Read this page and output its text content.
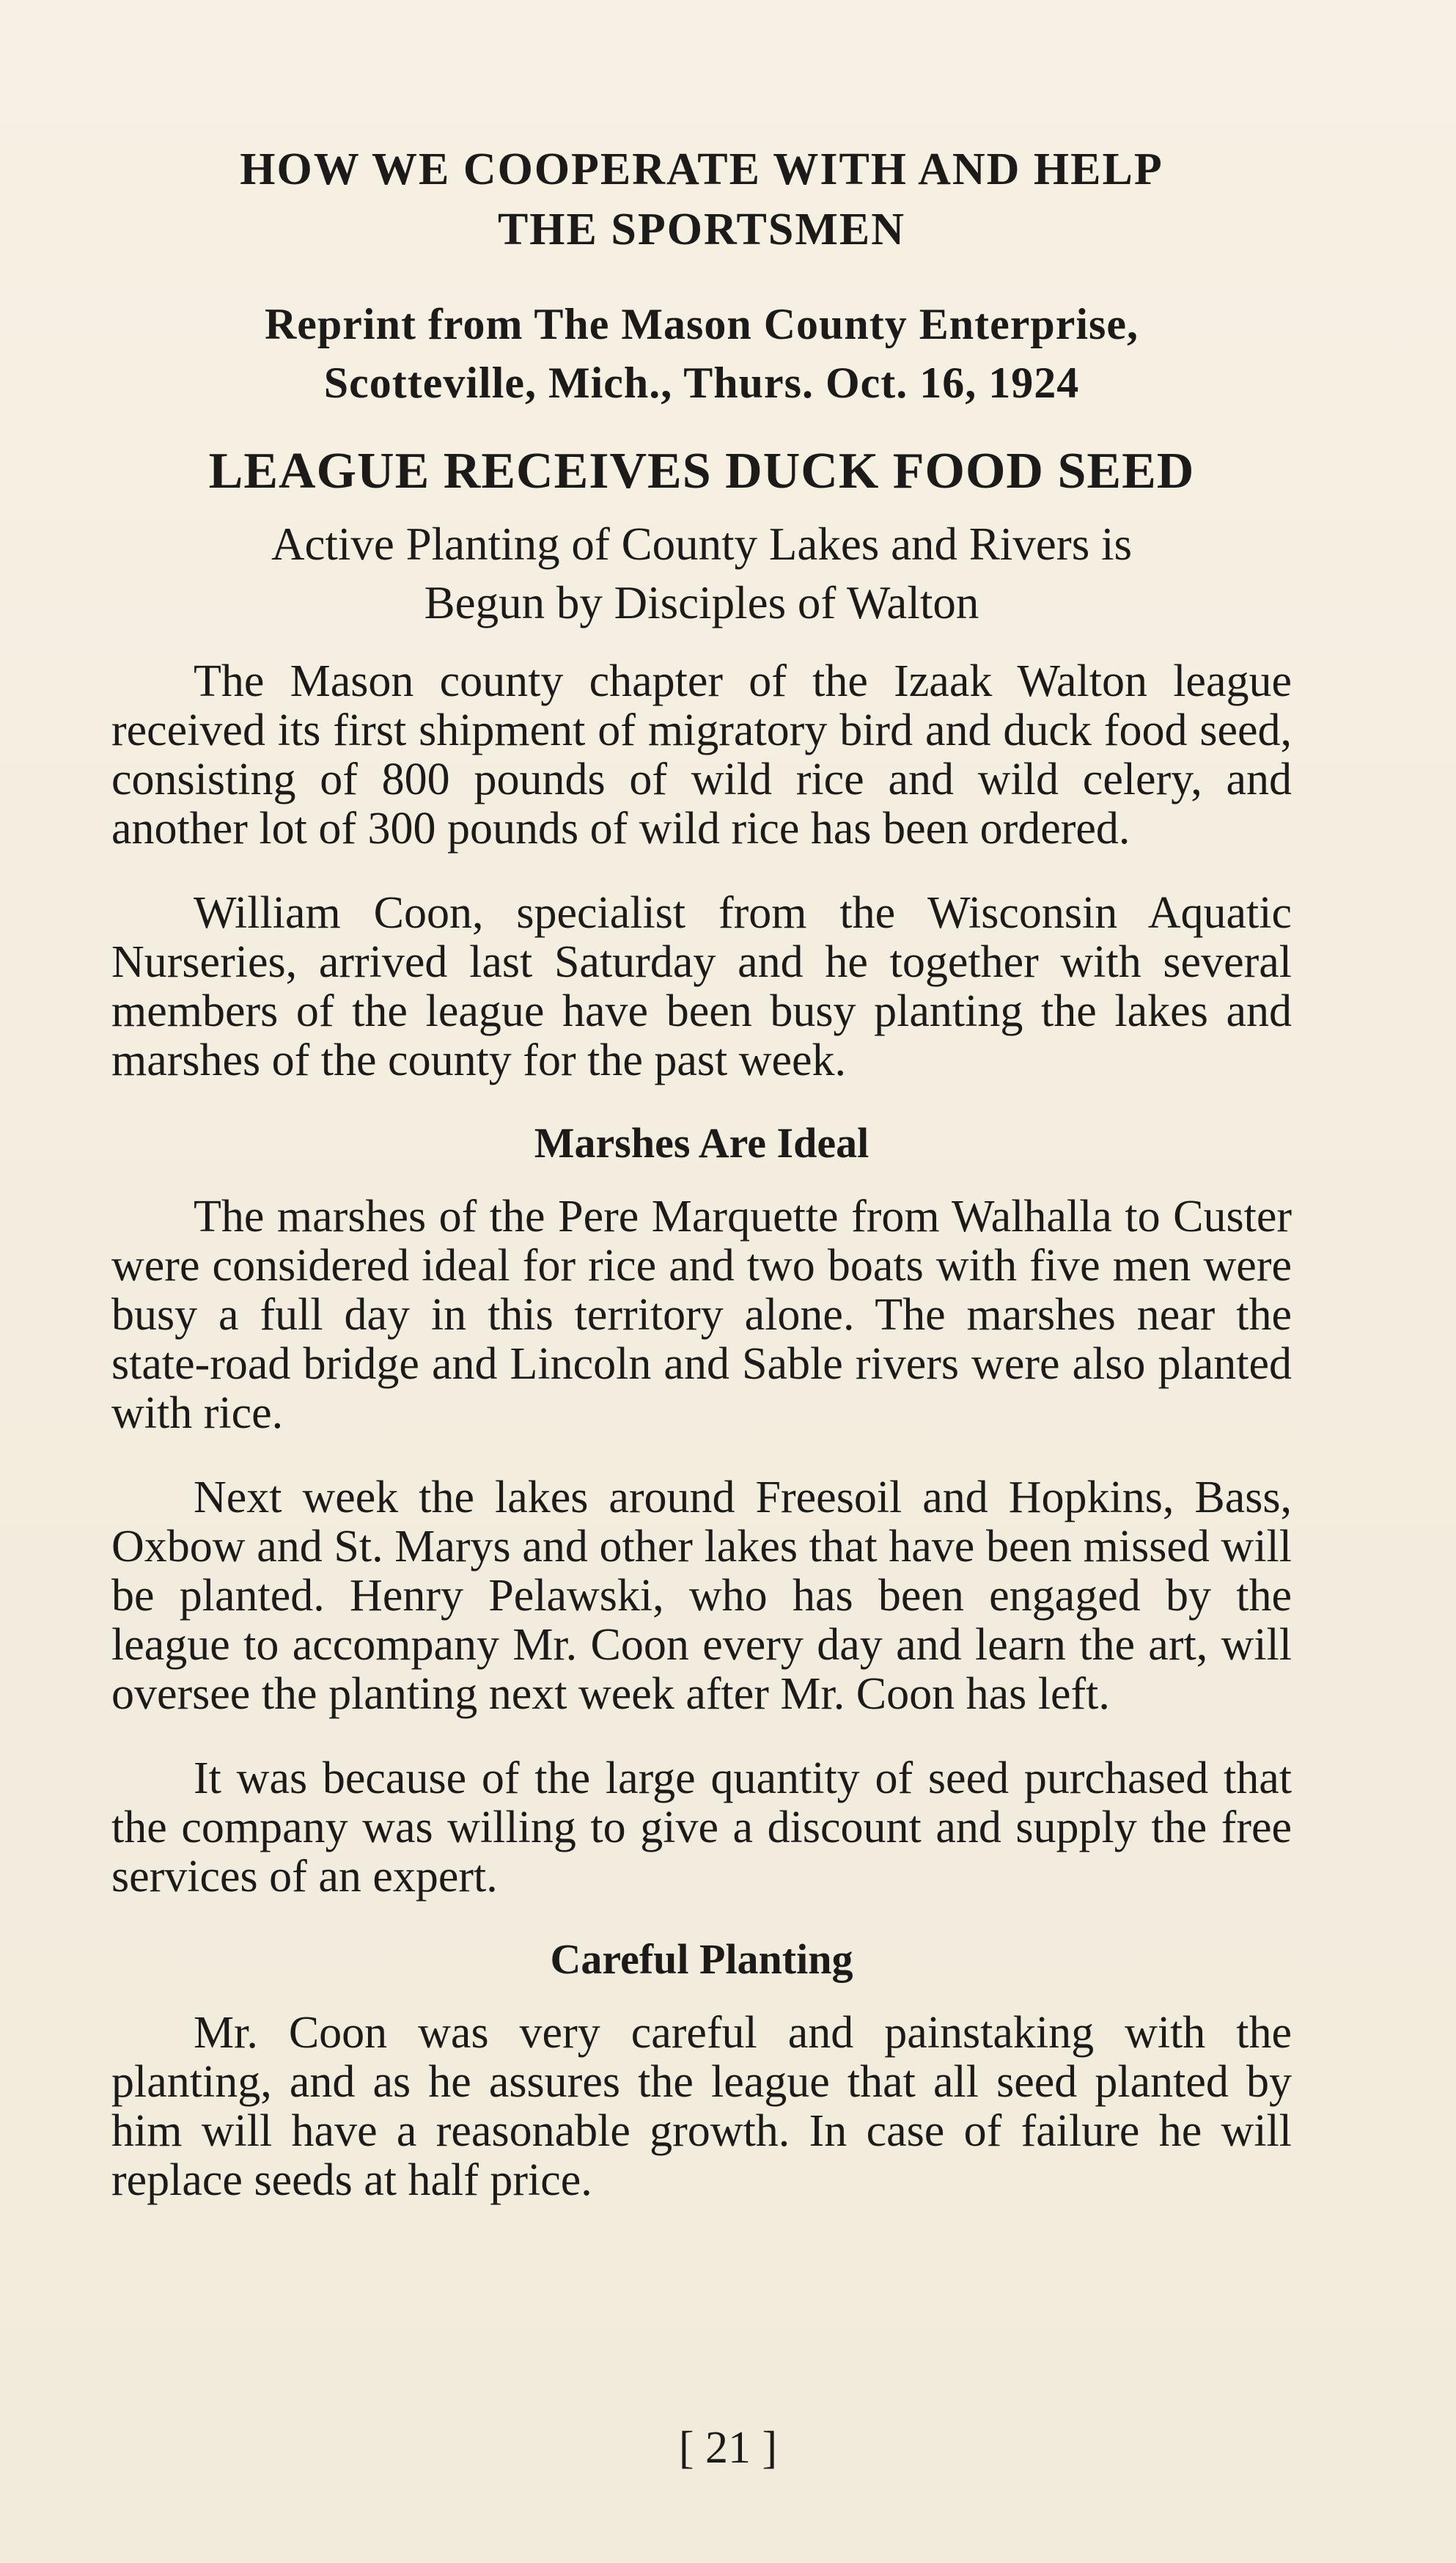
HOW WE COOPERATE WITH AND HELP
THE SPORTSMEN

Reprint from The Mason County Enterprise,
Scotteville, Mich., Thurs. Oct. 16, 1924

LEAGUE RECEIVES DUCK FOOD SEED

Active Planting of County Lakes and Rivers is
Begun by Disciples of Walton

The Mason county chapter of the Izaak Walton league received its first shipment of migratory bird and duck food seed, consisting of 800 pounds of wild rice and wild celery, and another lot of 300 pounds of wild rice has been ordered.

William Coon, specialist from the Wisconsin Aquatic Nurseries, arrived last Saturday and he together with several members of the league have been busy planting the lakes and marshes of the county for the past week.

Marshes Are Ideal

The marshes of the Pere Marquette from Walhalla to Custer were considered ideal for rice and two boats with five men were busy a full day in this territory alone. The marshes near the state-road bridge and Lincoln and Sable rivers were also planted with rice.

Next week the lakes around Freesoil and Hopkins, Bass, Oxbow and St. Marys and other lakes that have been missed will be planted. Henry Pelawski, who has been engaged by the league to accompany Mr. Coon every day and learn the art, will oversee the planting next week after Mr. Coon has left.

It was because of the large quantity of seed purchased that the company was willing to give a discount and supply the free services of an expert.

Careful Planting

Mr. Coon was very careful and painstaking with the planting, and as he assures the league that all seed planted by him will have a reasonable growth. In case of failure he will replace seeds at half price.

[ 21 ]
